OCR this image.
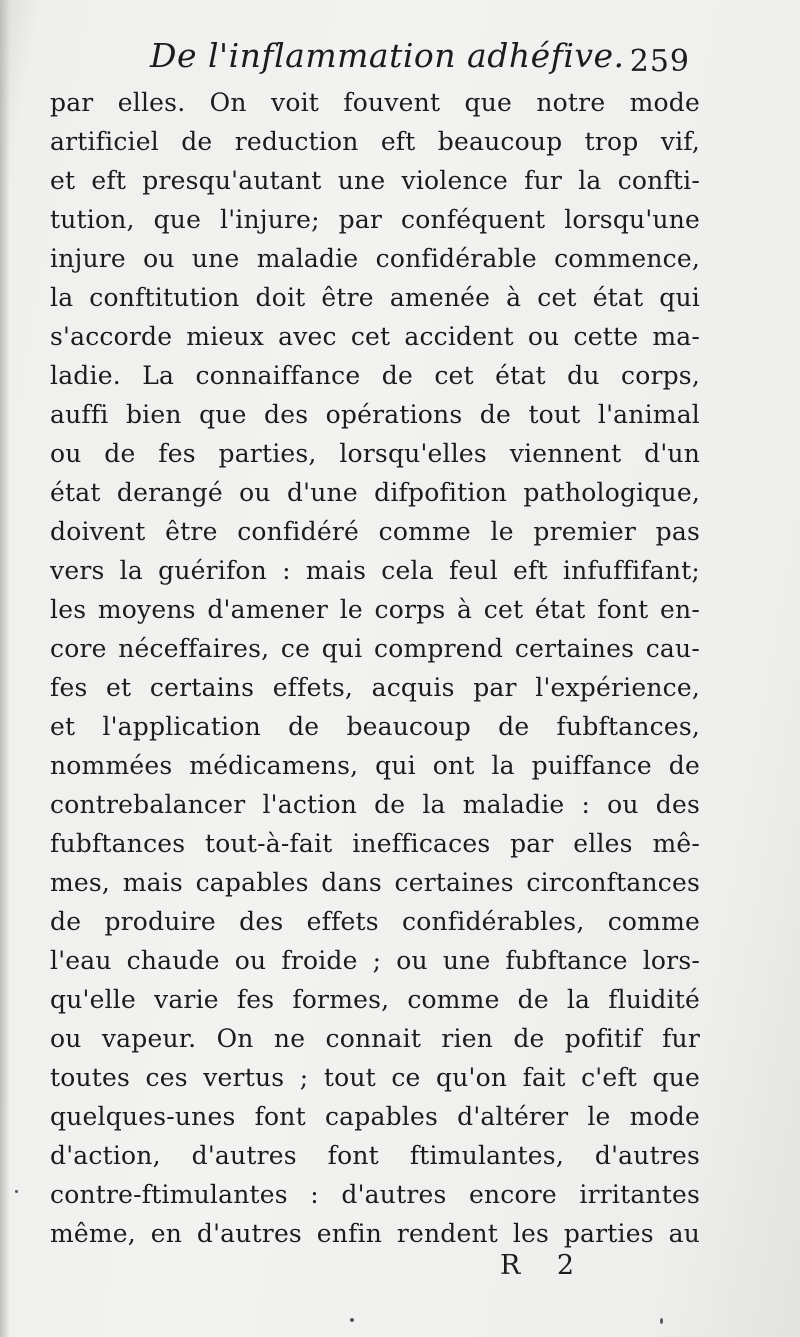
De l'inflammation adhéfive. 259
par elles. On voit fouvent que notre mode
artificiel de reduction eft beaucoup trop vif,
et eft presqu'autant une violence fur la confti-
tution, que l'injure; par conféquent lorsqu'une
injure ou une maladie confidérable commence,
la conftitution doit être amenée à cet état qui
s'accorde mieux avec cet accident ou cette ma-
ladie. La connaiffance de cet état du corps,
auffi bien que des opérations de tout l'animal
ou de fes parties, lorsqu'elles viennent d'un
état derangé ou d'une difpofition pathologique,
doivent être confidéré comme le premier pas
vers la guérifon : mais cela feul eft infuffifant;
les moyens d'amener le corps à cet état font en-
core néceffaires, ce qui comprend certaines cau-
fes et certains effets, acquis par l'expérience,
et l'application de beaucoup de fubftances,
nommées médicamens, qui ont la puiffance de
contrebalancer l'action de la maladie : ou des
fubftances tout-à-fait inefficaces par elles mê-
mes, mais capables dans certaines circonftances
de produire des effets confidérables, comme
l'eau chaude ou froide ; ou une fubftance lors-
qu'elle varie fes formes, comme de la fluidité
ou vapeur. On ne connait rien de pofitif fur
toutes ces vertus ; tout ce qu'on fait c'eft que
quelques-unes font capables d'altérer le mode
d'action, d'autres font ftimulantes, d'autres
contre-ftimulantes : d'autres encore irritantes
même, en d'autres enfin rendent les parties au
R 2
